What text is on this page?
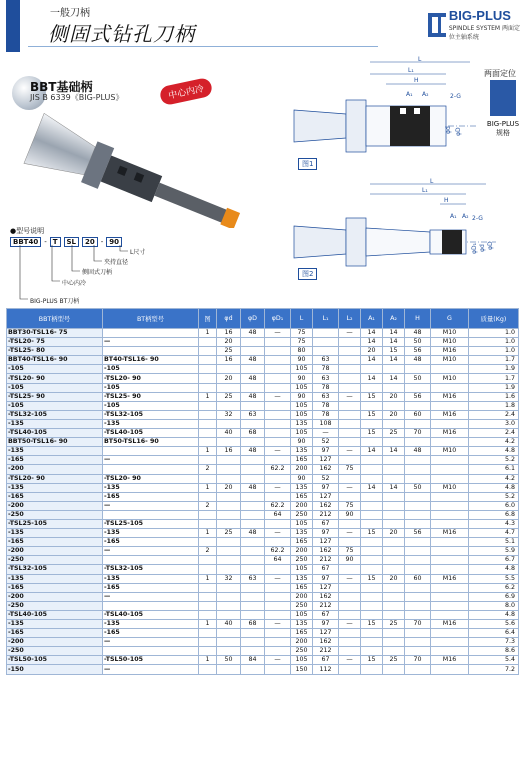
一般刀柄
侧固式钻孔刀柄
BIG-PLUS
SPINDLE SYSTEM 两面定位主轴系统
BBT基础柄
JIS B 6339《BIG-PLUS》	中心内冷
●型号说明
BBT40 - T	SL	20 - 90
L尺寸
夹持直径
侧固式刀柄
中心内冷
BIG-PLUS BT刀柄
L
L₁
H
A₁ A₂	2-G
φD
φd
图1
L
L₁
H
A₁ A₂ 2-G
φD₁ φd φD
图2
两面定位
BIG-PLUS规格
BBT柄型号	BT柄型号	图	φd	φD	φD₁	L	L₁	L₂	A₁	A₂	H	G	质量(Kg)
BBT30-TSL16- 75		1	16	48	—	75		—	14	14	48	M10	1.0
-TSL20- 75	—		20			75			14	14	50	M10	1.0
-TSL25- 80			25			80			20	15	56	M16	1.0
BBT40-TSL16- 90	BT40-TSL16- 90		16	48		90	63		14	14	48	M10	1.7
-105	-105					105	78						1.9
-TSL20- 90	-TSL20- 90		20	48		90	63		14	14	50	M10	1.7
-105	-105					105	78						1.9
-TSL25- 90	-TSL25- 90	1	25	48	—	90	63	—	15	20	56	M16	1.6
-105	-105					105	78						1.8
-TSL32-105	-TSL32-105		32	63		105	78		15	20	60	M16	2.4
-135	-135					135	108						3.0
-TSL40-105	-TSL40-105		40	68		105	—		15	25	70	M16	2.4
BBT50-TSL16- 90	BT50-TSL16- 90					90	52						4.2
-135		1	16	48	—	135	97	—	14	14	48	M10	4.8
-165	—					165	127						5.2
-200		2			62.2	200	162	75					6.1
-TSL20- 90	-TSL20- 90					90	52						4.2
-135	-135	1	20	48	—	135	97	—	14	14	50	M10	4.8
-165	-165					165	127						5.2
-200	—	2			62.2	200	162	75					6.0
-250					64	250	212	90					6.8
-TSL25-105	-TSL25-105					105	67						4.3
-135	-135	1	25	48	—	135	97	—	15	20	56	M16	4.7
-165	-165					165	127						5.1
-200	—	2			62.2	200	162	75					5.9
-250					64	250	212	90					6.7
-TSL32-105	-TSL32-105					105	67						4.8
-135	-135	1	32	63	—	135	97	—	15	20	60	M16	5.5
-165	-165					165	127						6.2
-200	—					200	162						6.9
-250						250	212						8.0
-TSL40-105	-TSL40-105					105	67						4.8
-135	-135	1	40	68	—	135	97	—	15	25	70	M16	5.6
-165	-165					165	127						6.4
-200	—					200	162						7.3
-250						250	212						8.6
-TSL50-105	-TSL50-105	1	50	84	—	105	67	—	15	25	70	M16	5.4
-150	—					150	112						7.2
